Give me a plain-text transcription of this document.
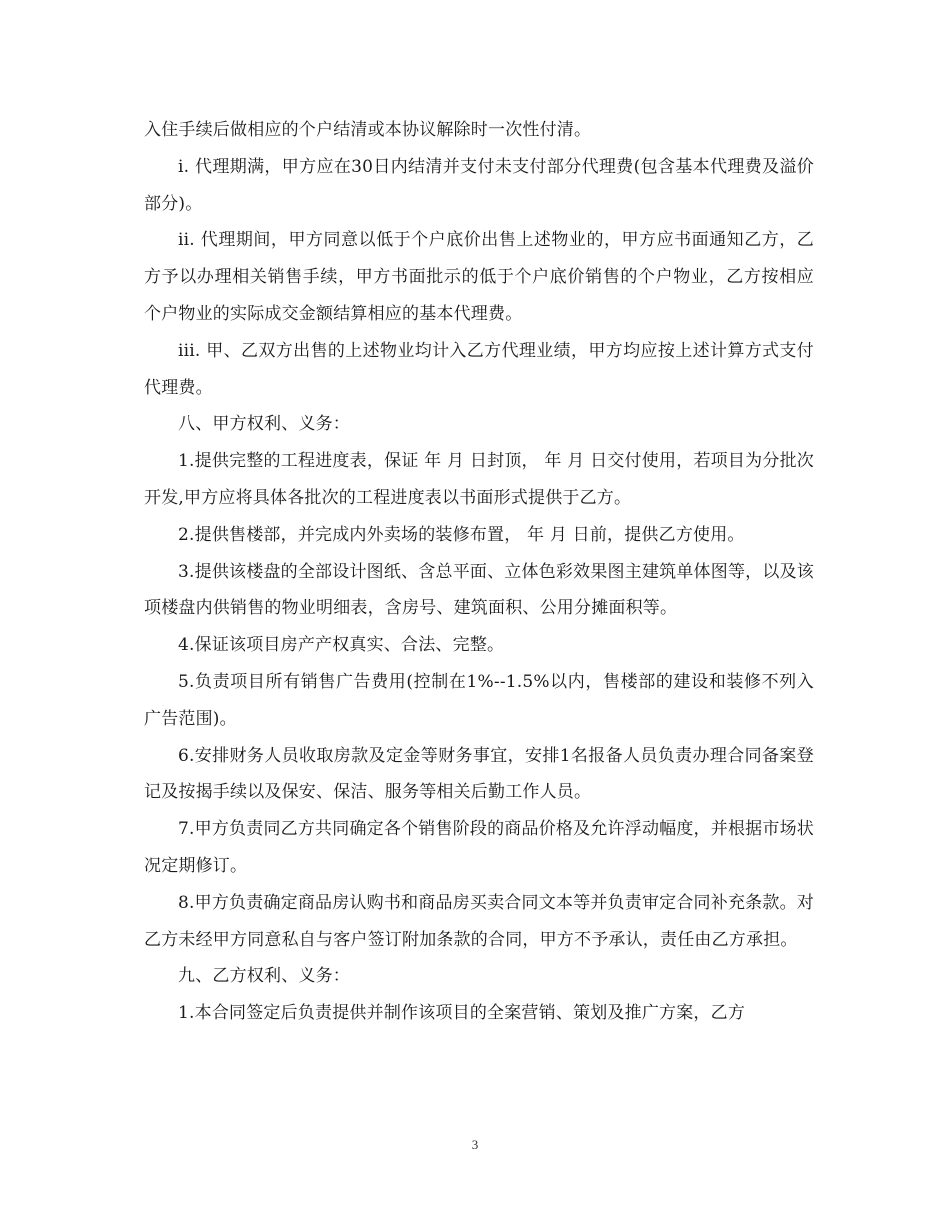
入住手续后做相应的个户结清或本协议解除时一次性付清。

i. 代理期满，甲方应在30日内结清并支付未支付部分代理费(包含基本代理费及溢价部分)。

ii. 代理期间，甲方同意以低于个户底价出售上述物业的，甲方应书面通知乙方，乙方予以办理相关销售手续，甲方书面批示的低于个户底价销售的个户物业，乙方按相应个户物业的实际成交金额结算相应的基本代理费。

iii. 甲、乙双方出售的上述物业均计入乙方代理业绩，甲方均应按上述计算方式支付代理费。

八、甲方权利、义务：

1.提供完整的工程进度表，保证 年 月 日封顶， 年 月 日交付使用，若项目为分批次开发,甲方应将具体各批次的工程进度表以书面形式提供于乙方。

2.提供售楼部，并完成内外卖场的装修布置， 年 月 日前，提供乙方使用。

3.提供该楼盘的全部设计图纸、含总平面、立体色彩效果图主建筑单体图等，以及该项楼盘内供销售的物业明细表，含房号、建筑面积、公用分摊面积等。

4.保证该项目房产产权真实、合法、完整。

5.负责项目所有销售广告费用(控制在1%--1.5%以内，售楼部的建设和装修不列入广告范围)。

6.安排财务人员收取房款及定金等财务事宜，安排1名报备人员负责办理合同备案登记及按揭手续以及保安、保洁、服务等相关后勤工作人员。

7.甲方负责同乙方共同确定各个销售阶段的商品价格及允许浮动幅度，并根据市场状况定期修订。

8.甲方负责确定商品房认购书和商品房买卖合同文本等并负责审定合同补充条款。对乙方未经甲方同意私自与客户签订附加条款的合同，甲方不予承认，责任由乙方承担。

九、乙方权利、义务：

1.本合同签定后负责提供并制作该项目的全案营销、策划及推广方案，乙方

3
